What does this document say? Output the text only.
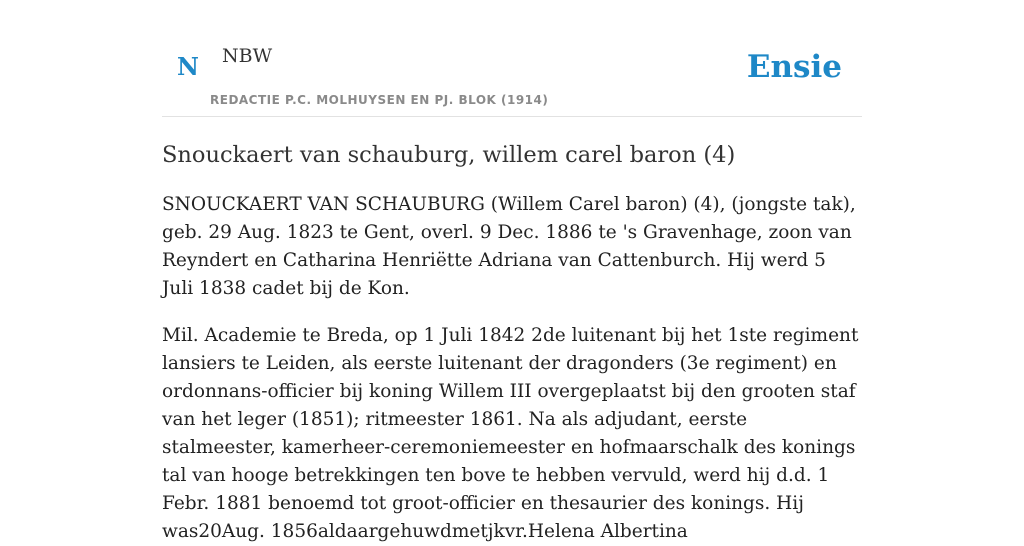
N NBW
REDACTIE P.C. MOLHUYSEN EN PJ. BLOK (1914)
Ensie
Snouckaert van schauburg, willem carel baron (4)

SNOUCKAERT VAN SCHAUBURG (Willem Carel baron) (4), (jongste tak), geb. 29 Aug. 1823 te Gent, overl. 9 Dec. 1886 te 's Gravenhage, zoon van Reyndert en Catharina Henriëtte Adriana van Cattenburch. Hij werd 5 Juli 1838 cadet bij de Kon.

Mil. Academie te Breda, op 1 Juli 1842 2de luitenant bij het 1ste regiment lansiers te Leiden, als eerste luitenant der dragonders (3e regiment) en ordonnans-officier bij koning Willem III overgeplaatst bij den grooten staf van het leger (1851); ritmeester 1861. Na als adjudant, eerste stalmeester, kamerheer-ceremoniemeester en hofmaarschalk des konings tal van hooge betrekkingen ten bove te hebben vervuld, werd hij d.d. 1 Febr. 1881 benoemd tot groot-officier en thesaurier des konings. Hij was20Aug. 1856aldaargehuwdmetjkvr.Helena Albertina
